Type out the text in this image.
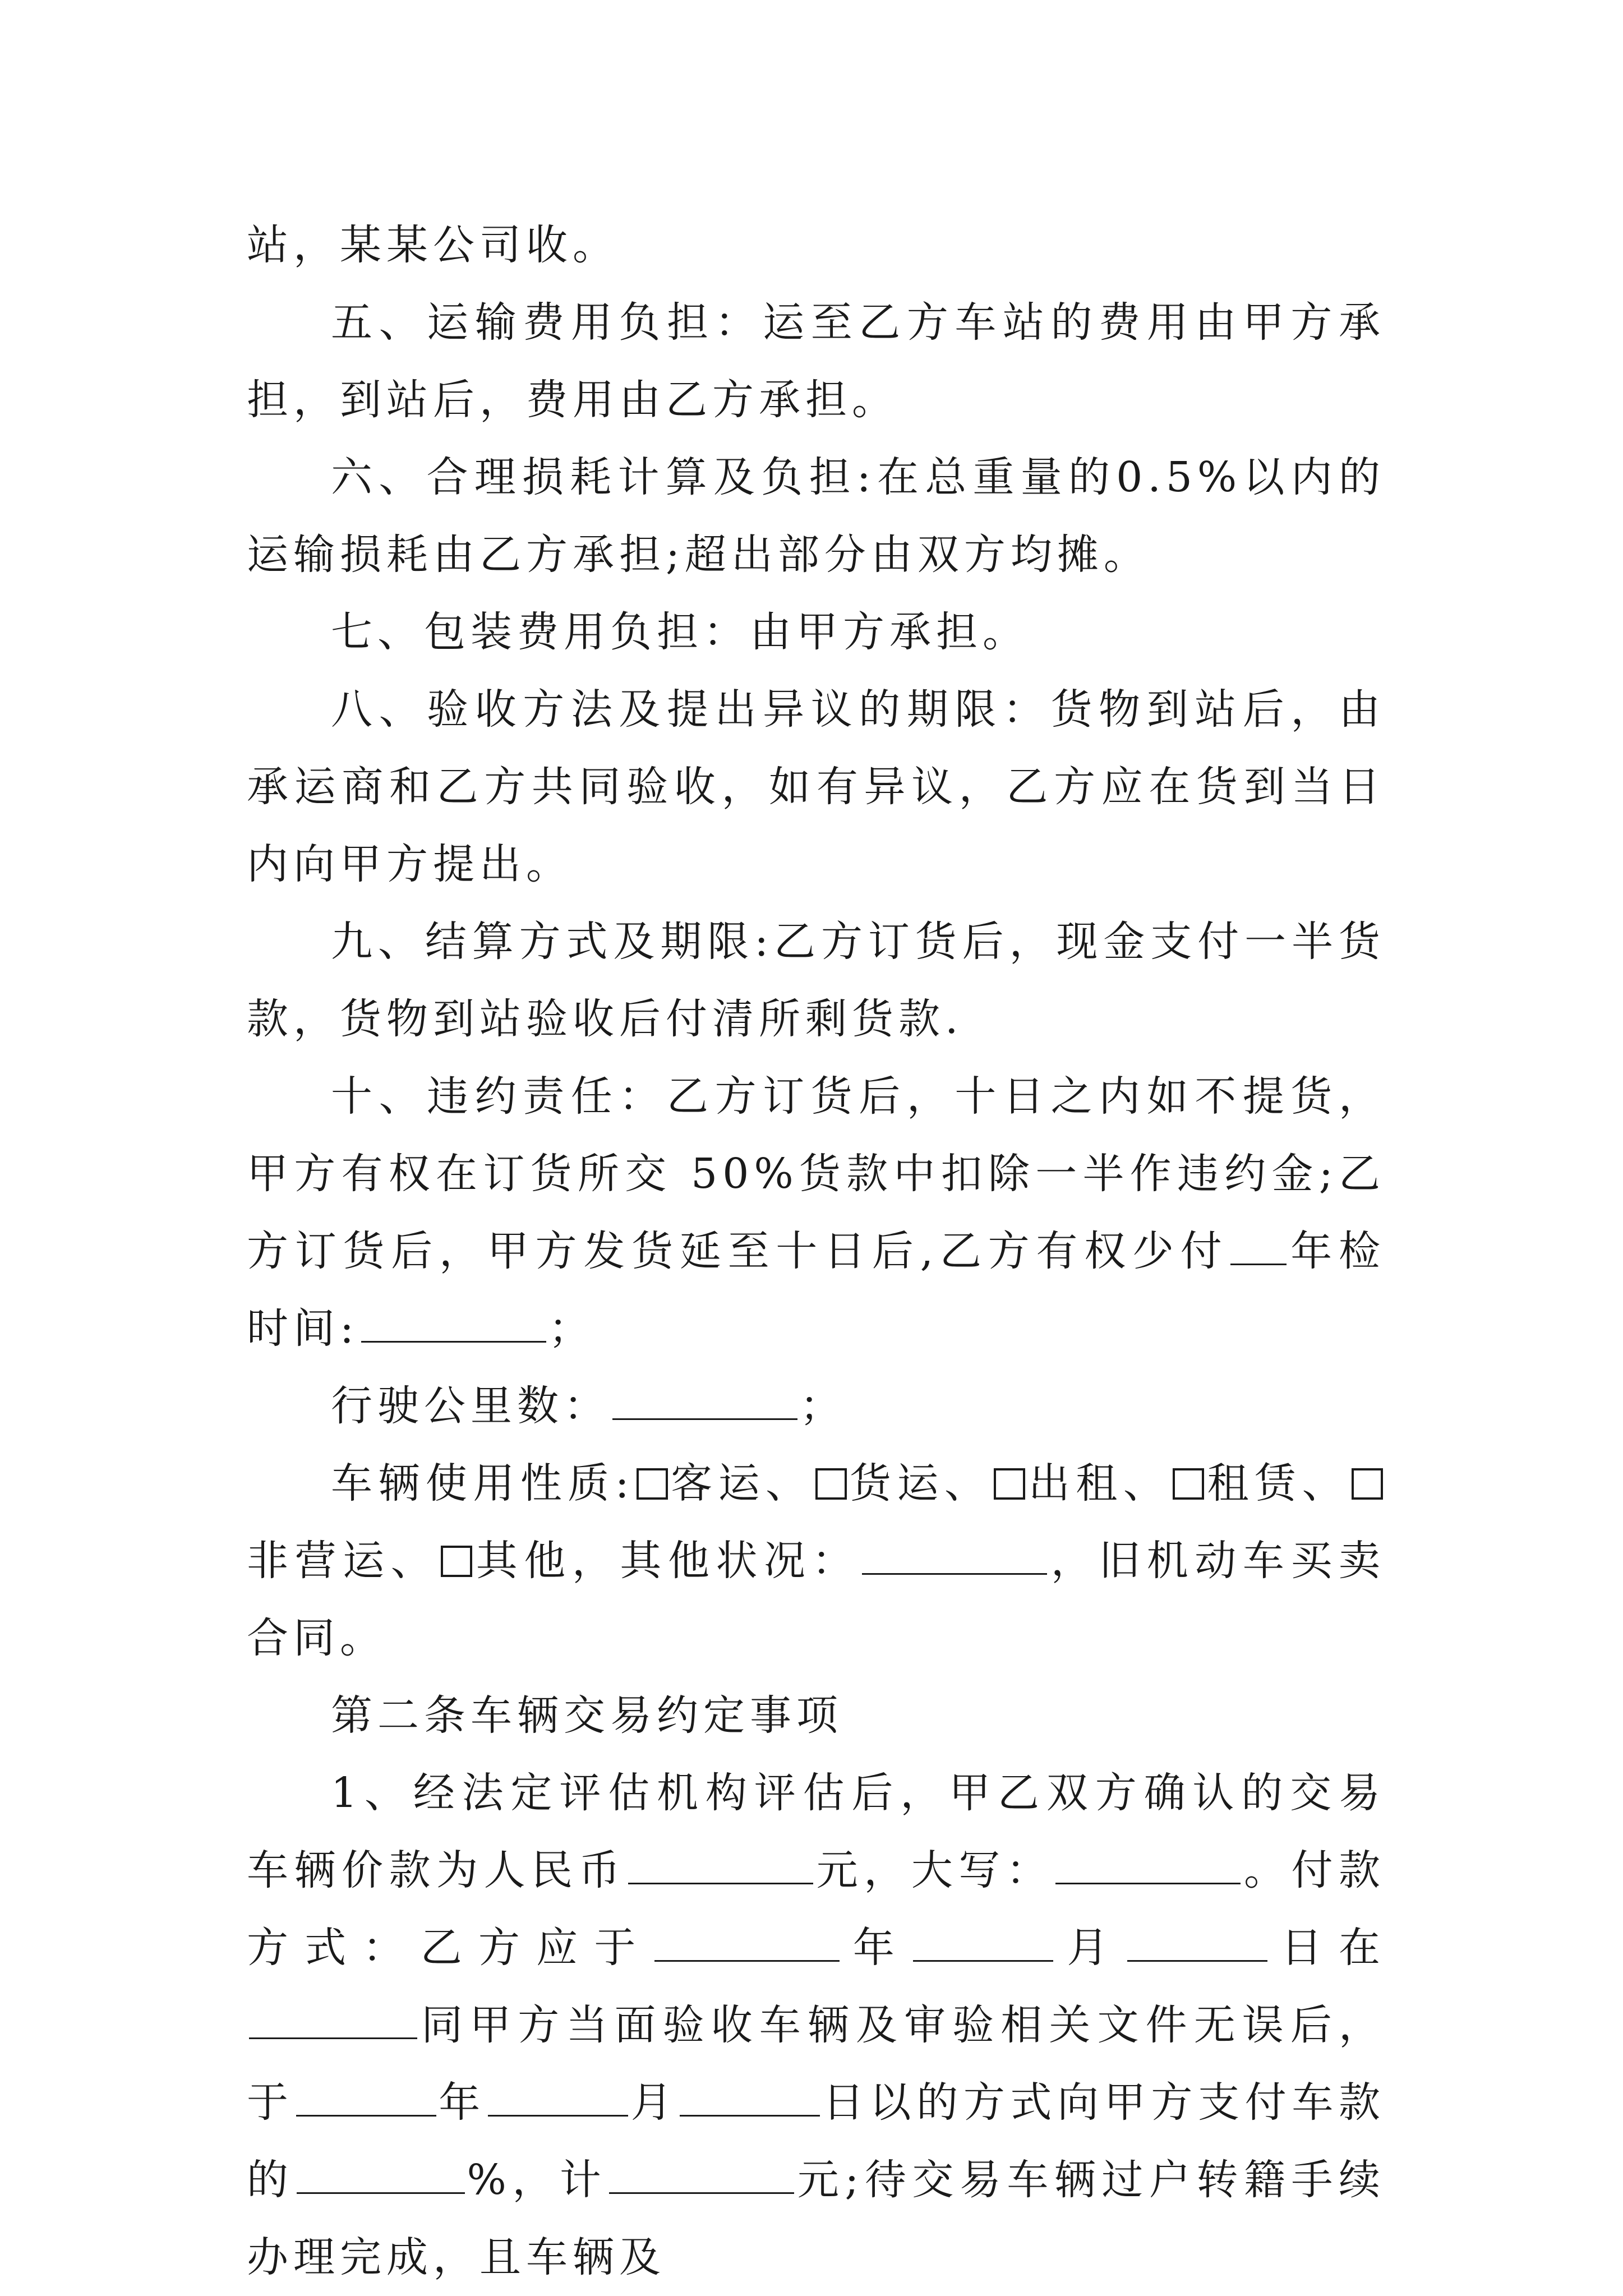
站，某某公司收。

五、运输费用负担：运至乙方车站的费用由甲方承担，到站后，费用由乙方承担。

六、合理损耗计算及负担:在总重量的0.5%以内的运输损耗由乙方承担;超出部分由双方均摊。

七、包装费用负担：由甲方承担。

八、验收方法及提出异议的期限：货物到站后，由承运商和乙方共同验收，如有异议，乙方应在货到当日内向甲方提出。

九、结算方式及期限:乙方订货后，现金支付一半货款，货物到站验收后付清所剩货款.

十、违约责任：乙方订货后，十日之内如不提货，甲方有权在订货所交 50%货款中扣除一半作违约金;乙方订货后，甲方发货延至十日后,乙方有权少付 年检时间:	；

行驶公里数：	；

车辆使用性质: 客运、 货运、 出租、 租赁、非营运、 其他，其他状况：	，旧机动车买卖合同。

第二条车辆交易约定事项

1、经法定评估机构评估后，甲乙双方确认的交易车辆价款为人民币	元，大写：	。付款方式：乙方应于	年	月	日在同甲方当面验收车辆及审验相关文件无误后，于	年	月	日以的方式向甲方支付车款的	%，计	元;待交易车辆过户转籍手续办理完成，且车辆及
